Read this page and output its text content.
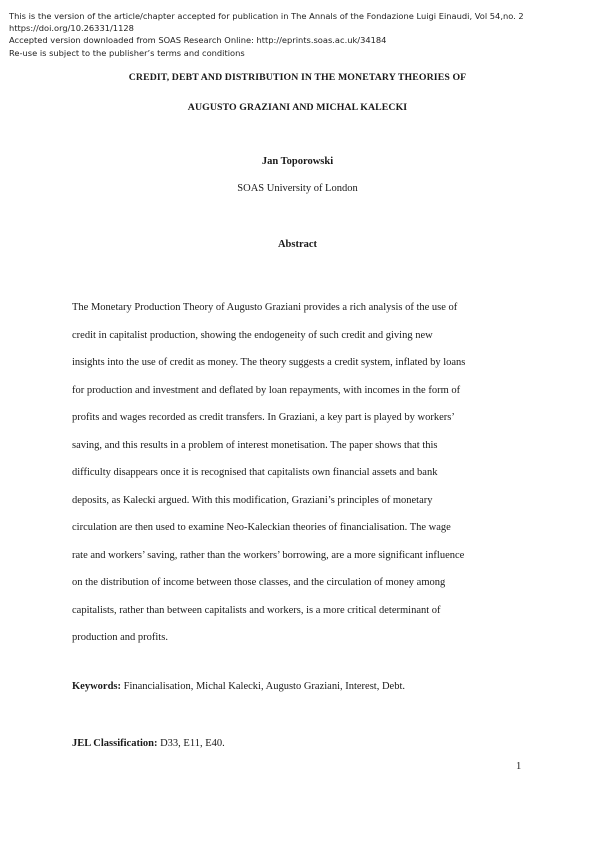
This is the version of the article/chapter accepted for publication in The Annals of the Fondazione Luigi Einaudi, Vol 54,no. 2
https://doi.org/10.26331/1128
Accepted version downloaded from SOAS Research Online: http://eprints.soas.ac.uk/34184
Re-use is subject to the publisher’s terms and conditions
CREDIT, DEBT AND DISTRIBUTION IN THE MONETARY THEORIES OF
AUGUSTO GRAZIANI AND MICHAL KALECKI
Jan Toporowski
SOAS University of London
Abstract
The Monetary Production Theory of Augusto Graziani provides a rich analysis of the use of
credit in capitalist production, showing the endogeneity of such credit and giving new
insights into the use of credit as money. The theory suggests a credit system, inflated by loans
for production and investment and deflated by loan repayments, with incomes in the form of
profits and wages recorded as credit transfers. In Graziani, a key part is played by workers’
saving, and this results in a problem of interest monetisation. The paper shows that this
difficulty disappears once it is recognised that capitalists own financial assets and bank
deposits, as Kalecki argued. With this modification, Graziani’s principles of monetary
circulation are then used to examine Neo-Kaleckian theories of financialisation. The wage
rate and workers’ saving, rather than the workers’ borrowing, are a more significant influence
on the distribution of income between those classes, and the circulation of money among
capitalists, rather than between capitalists and workers, is a more critical determinant of
production and profits.
Keywords: Financialisation, Michal Kalecki, Augusto Graziani, Interest, Debt.
JEL Classification: D33, E11, E40.
1
